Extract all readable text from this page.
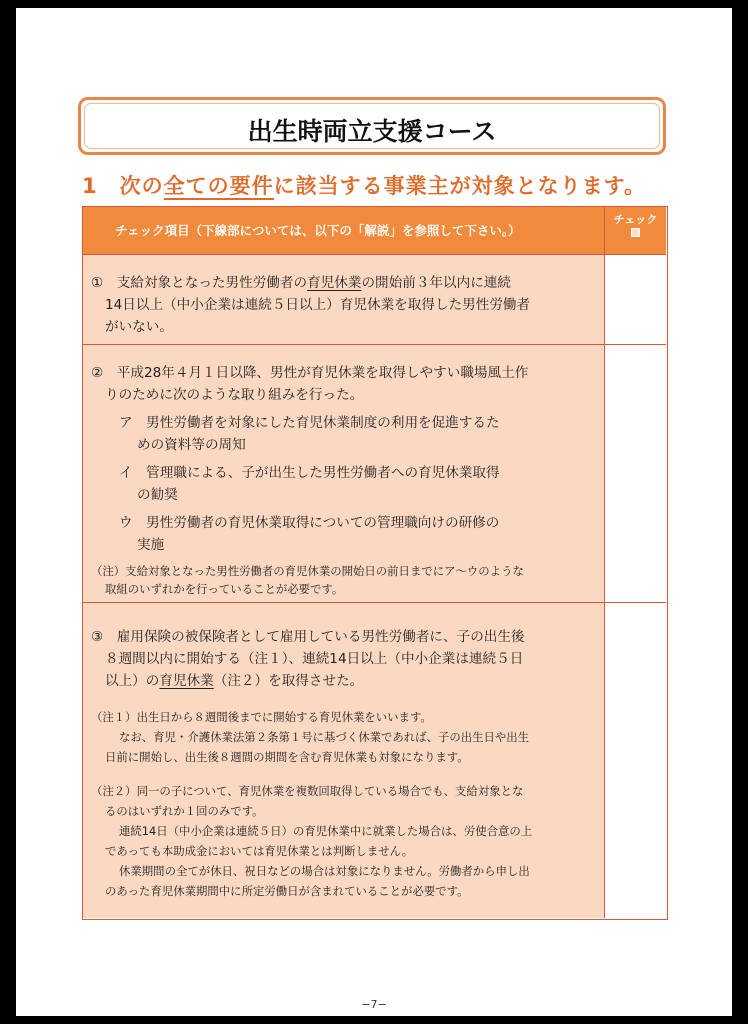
出生時両立支援コース
1　次の全ての要件に該当する事業主が対象となります。
チェック項目（下線部については、以下の「解説」を参照して下さい。）
チェック
①　支給対象となった男性労働者の育児休業の開始前３年以内に連続
14日以上（中小企業は連続５日以上）育児休業を取得した男性労働者
がいない。
②　平成28年４月１日以降、男性が育児休業を取得しやすい職場風土作
りのために次のような取り組みを行った。
ア　男性労働者を対象にした育児休業制度の利用を促進するた
めの資料等の周知
イ　管理職による、子が出生した男性労働者への育児休業取得
の勧奨
ウ　男性労働者の育児休業取得についての管理職向けの研修の
実施
（注）支給対象となった男性労働者の育児休業の開始日の前日までにア～ウのような
取組のいずれかを行っていることが必要です。
③　雇用保険の被保険者として雇用している男性労働者に、子の出生後
８週間以内に開始する（注１）、連続14日以上（中小企業は連続５日
以上）の育児休業（注２）を取得させた。
（注１）出生日から８週間後までに開始する育児休業をいいます。
なお、育児・介護休業法第２条第１号に基づく休業であれば、子の出生日や出生
日前に開始し、出生後８週間の期間を含む育児休業も対象になります。
（注２）同一の子について、育児休業を複数回取得している場合でも、支給対象とな
るのはいずれか１回のみです。
連続14日（中小企業は連続５日）の育児休業中に就業した場合は、労使合意の上
であっても本助成金においては育児休業とは判断しません。
休業期間の全てが休日、祝日などの場合は対象になりません。労働者から申し出
のあった育児休業期間中に所定労働日が含まれていることが必要です。
−7−
